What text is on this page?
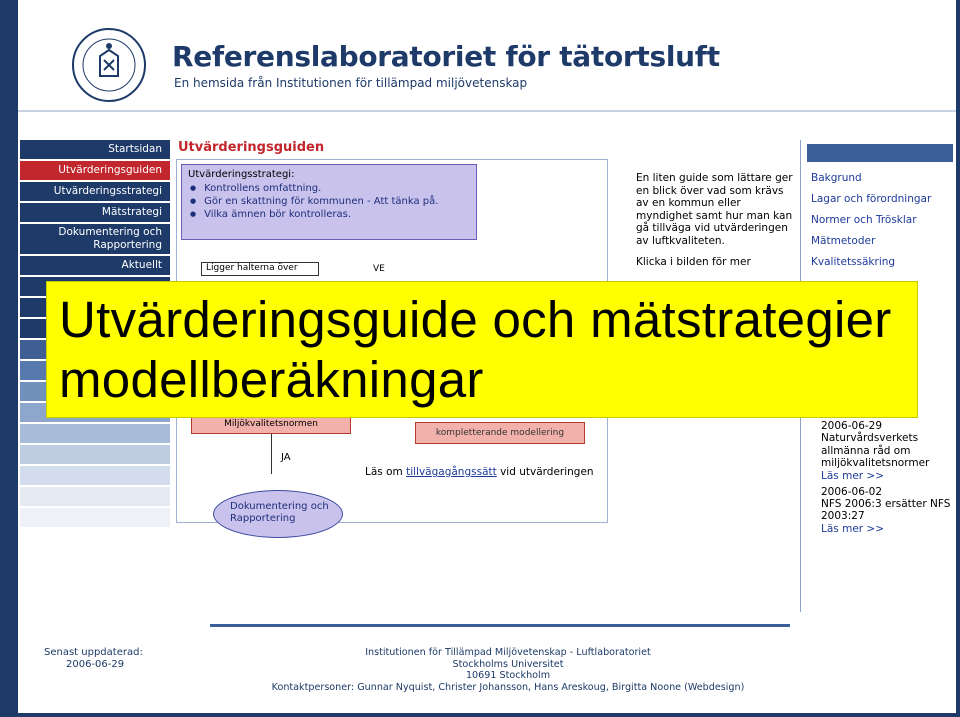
Referenslaboratoriet för tätortsluft
En hemsida från Institutionen för tillämpad miljövetenskap
Startsidan
Utvärderingsguiden
Utvärderingsstrategi
Mätstrategi
Dokumentering och Rapportering
Aktuellt
Utvärderingsguiden
Utvärderingsstrategi:
● Kontrollens omfattning.
● Gör en skattning för kommunen - Att tänka på.
● Vilka ämnen bör kontrolleras.
Ligger halterna över	VE
Miljökvalitetsnormen
kompletterande modellering
JA
Läs om tillvägagångssätt vid utvärderingen
Dokumentering och Rapportering

En liten guide som lättare ger en blick över vad som krävs av en kommun eller myndighet samt hur man kan gå tillväga vid utvärderingen av luftkvaliteten.

Klicka i bilden för mer

Bakgrund
Lagar och förordningar
Normer och Trösklar
Mätmetoder
Kvalitetssäkring
2006-06-29
Naturvårdsverkets allmänna råd om miljökvalitetsnormer
Läs mer >>
2006-06-02
NFS 2006:3 ersätter NFS 2003:27
Läs mer >>
Senast uppdaterad:
2006-06-29
Institutionen för Tillämpad Miljövetenskap - Luftlaboratoriet
Stockholms Universitet
10691 Stockholm
Kontaktpersoner: Gunnar Nyquist, Christer Johansson, Hans Areskoug, Birgitta Noone (Webdesign)
Utvärderingsguide och mätstrategier
modellberäkningar
